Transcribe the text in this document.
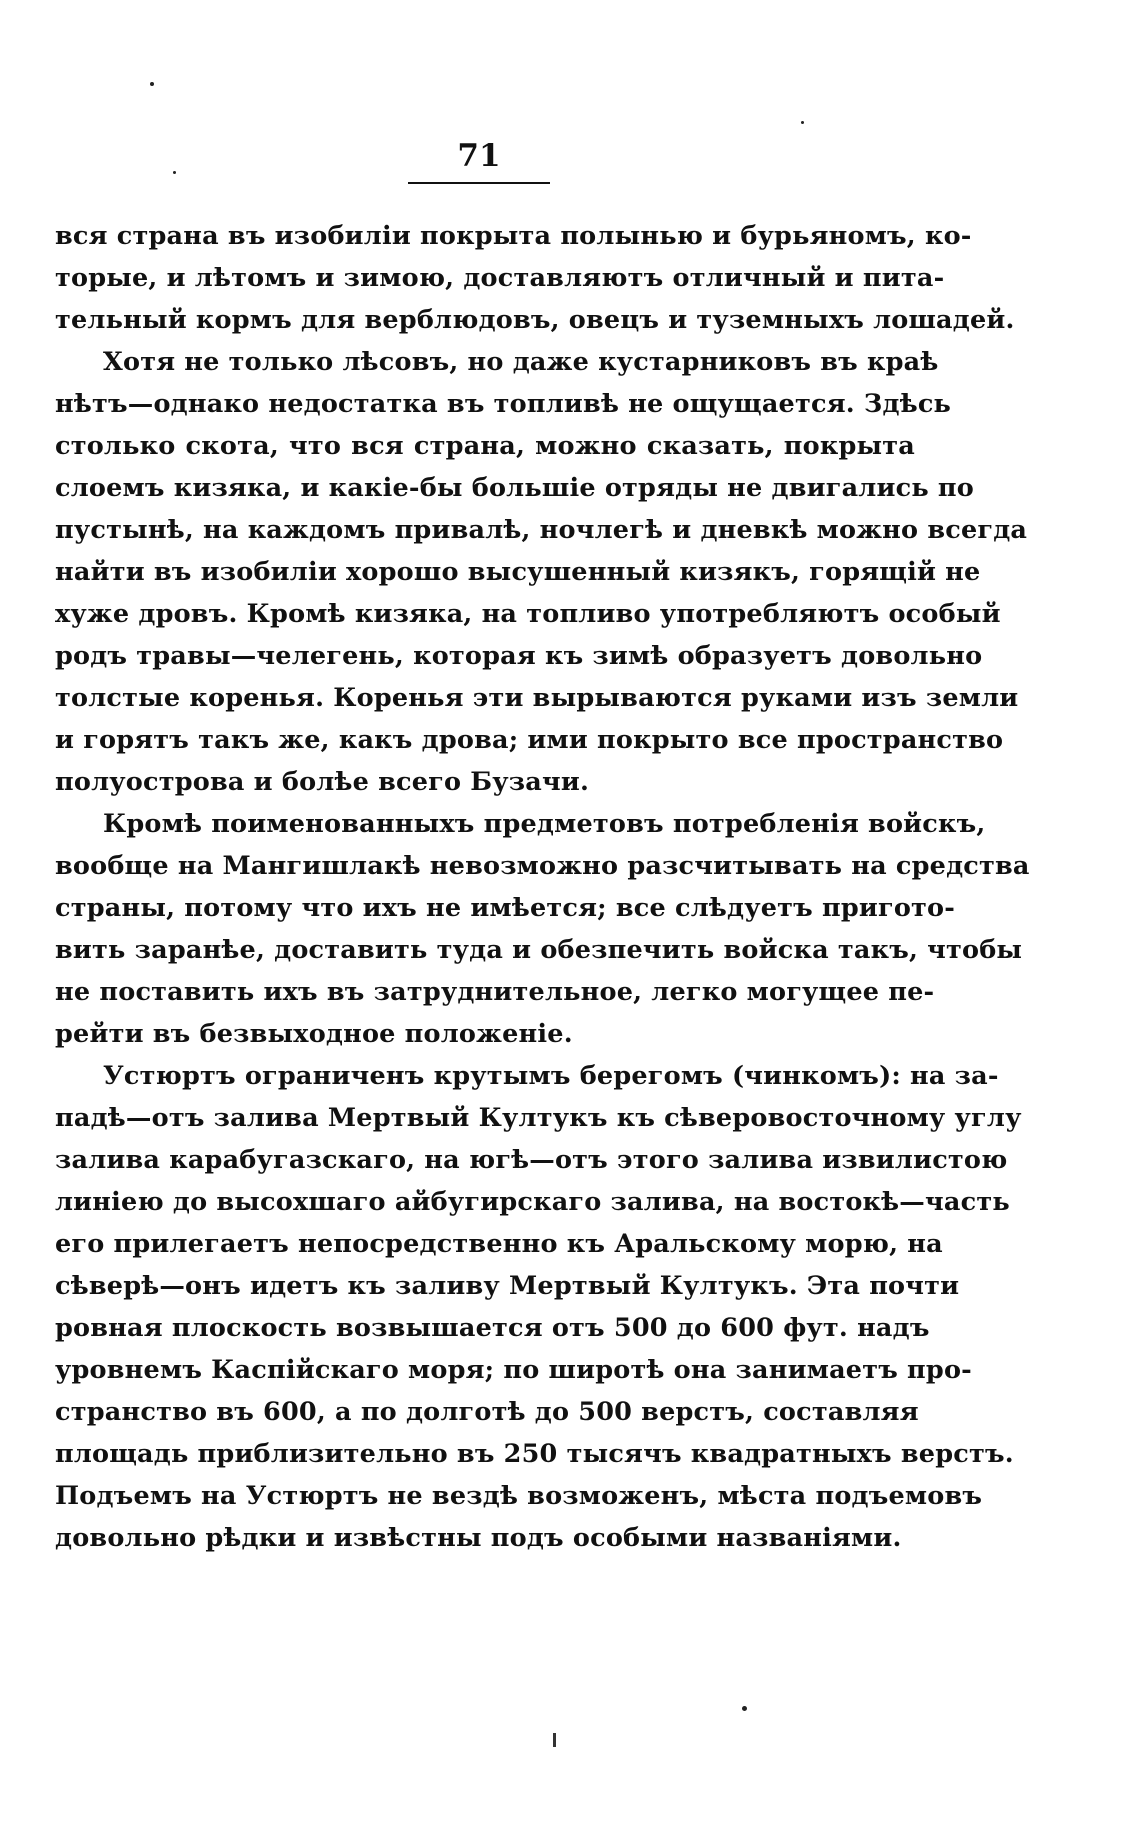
71
вся страна въ изобиліи покрыта полынью и бурьяномъ, ко-
торые, и лѣтомъ и зимою, доставляютъ отличный и пита-
тельный кормъ для верблюдовъ, овецъ и туземныхъ лошадей.
Хотя не только лѣсовъ, но даже кустарниковъ въ краѣ
нѣтъ—однако недостатка въ топливѣ не ощущается. Здѣсь
столько скота, что вся страна, можно сказать, покрыта
слоемъ кизяка, и какіе-бы большіе отряды не двигались по
пустынѣ, на каждомъ привалѣ, ночлегѣ и дневкѣ можно всегда
найти въ изобиліи хорошо высушенный кизякъ, горящій не
хуже дровъ. Кромѣ кизяка, на топливо употребляютъ особый
родъ травы—челегень, которая къ зимѣ образуетъ довольно
толстые коренья. Коренья эти вырываются руками изъ земли
и горятъ такъ же, какъ дрова; ими покрыто все пространство
полуострова и болѣе всего Бузачи.
Кромѣ поименованныхъ предметовъ потребленія войскъ,
вообще на Мангишлакѣ невозможно разсчитывать на средства
страны, потому что ихъ не имѣется; все слѣдуетъ пригото-
вить заранѣе, доставить туда и обезпечить войска такъ, чтобы
не поставить ихъ въ затруднительное, легко могущее пе-
рейти въ безвыходное положеніе.
Устюртъ ограниченъ крутымъ берегомъ (чинкомъ): на за-
падѣ—отъ залива Мертвый Култукъ къ сѣверовосточному углу
залива карабугазскаго, на югѣ—отъ этого залива извилистою
линіею до высохшаго айбугирскаго залива, на востокѣ—часть
его прилегаетъ непосредственно къ Аральскому морю, на
сѣверѣ—онъ идетъ къ заливу Мертвый Култукъ. Эта почти
ровная плоскость возвышается отъ 500 до 600 фут. надъ
уровнемъ Каспійскаго моря; по широтѣ она занимаетъ про-
странство въ 600, а по долготѣ до 500 верстъ, составляя
площадь приблизительно въ 250 тысячъ квадратныхъ верстъ.
Подъемъ на Устюртъ не вездѣ возможенъ, мѣста подъемовъ
довольно рѣдки и извѣстны подъ особыми названіями.
